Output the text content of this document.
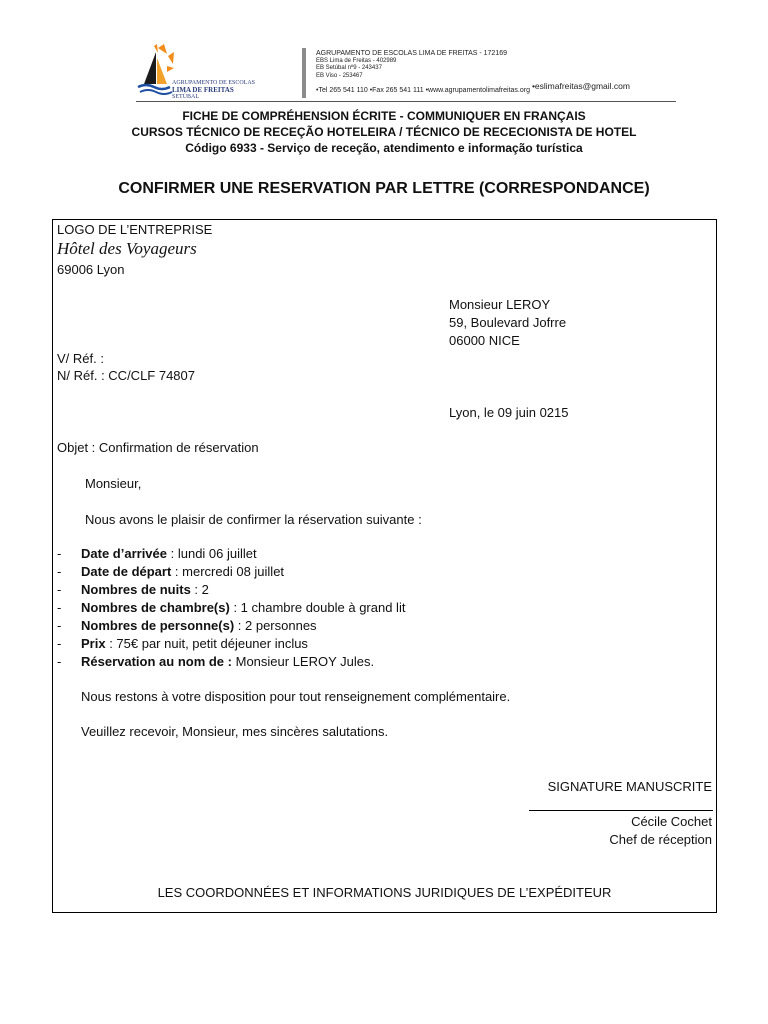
AGRUPAMENTO DE ESCOLAS
LIMA DE FREITAS
SETÚBAL
AGRUPAMENTO DE ESCOLAS LIMA DE FREITAS - 172169
EBS Lima de Freitas - 402989
EB Setúbal nº9 - 243437
EB Viso - 253467
•Tel 265 541 110 •Fax 265 541 111 •www.agrupamentolimafreitas.org •eslimafreitas@gmail.com
FICHE DE COMPRÉHENSION ÉCRITE - COMMUNIQUER EN FRANÇAIS
CURSOS TÉCNICO DE RECEÇÃO HOTELEIRA / TÉCNICO DE RECECIONISTA DE HOTEL
Código 6933 - Serviço de receção, atendimento e informação turística
CONFIRMER UNE RESERVATION PAR LETTRE (CORRESPONDANCE)
LOGO DE L’ENTREPRISE
Hôtel des Voyageurs
69006 Lyon
Monsieur LEROY
59, Boulevard Jofrre
06000 NICE
V/ Réf. :
N/ Réf. : CC/CLF 74807
Lyon, le 09 juin 0215
Objet : Confirmation de réservation
Monsieur,
Nous avons le plaisir de confirmer la réservation suivante :
- Date d’arrivée : lundi 06 juillet
- Date de départ : mercredi 08 juillet
- Nombres de nuits : 2
- Nombres de chambre(s) : 1 chambre double à grand lit
- Nombres de personne(s) : 2 personnes
- Prix : 75€ par nuit, petit déjeuner inclus
- Réservation au nom de : Monsieur LEROY Jules.
Nous restons à votre disposition pour tout renseignement complémentaire.
Veuillez recevoir, Monsieur, mes sincères salutations.
SIGNATURE MANUSCRITE
Cécile Cochet
Chef de réception
LES COORDONNÉES ET INFORMATIONS JURIDIQUES DE L’EXPÉDITEUR
